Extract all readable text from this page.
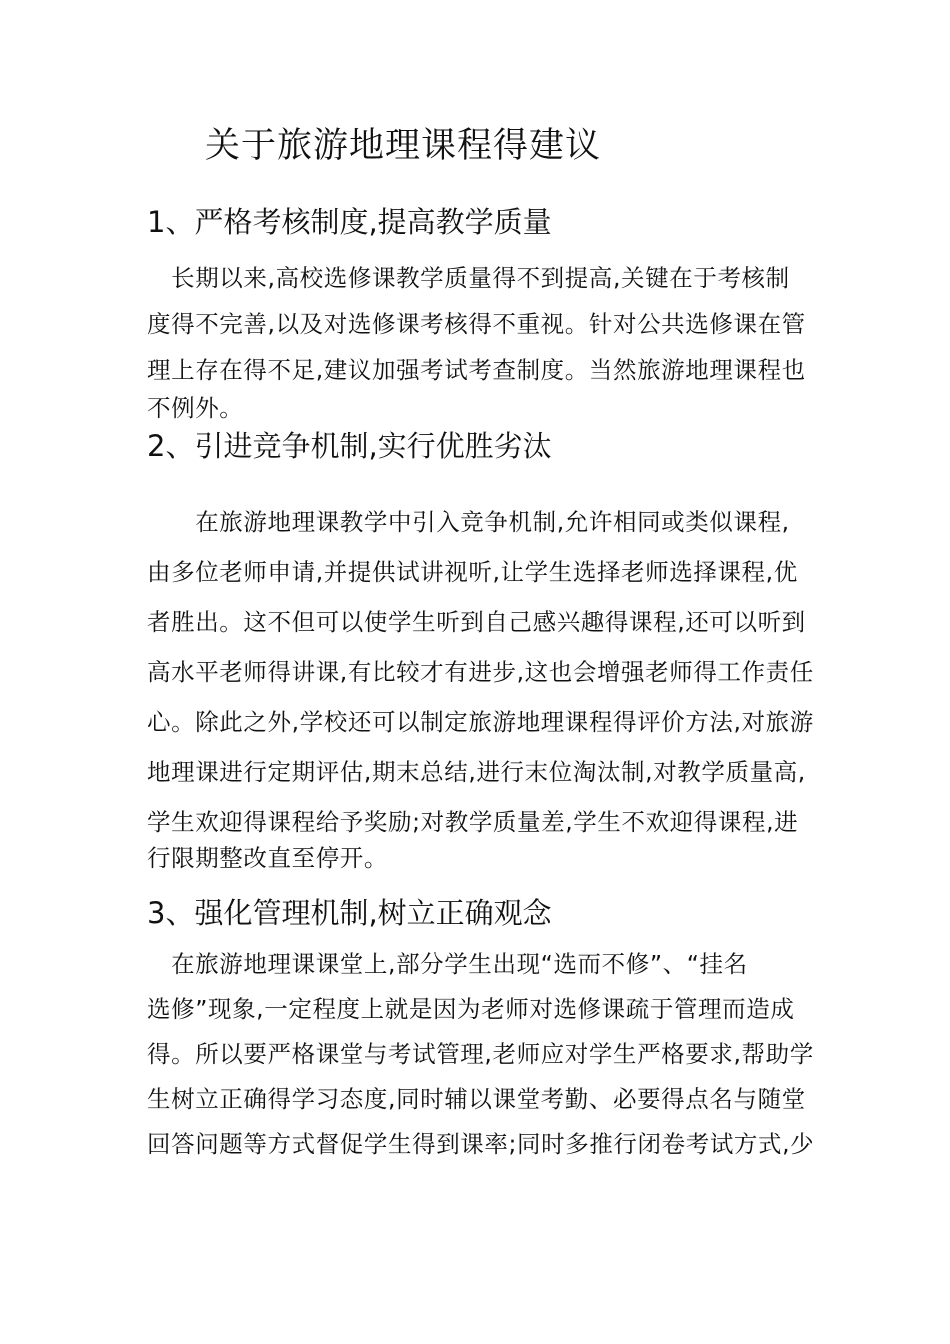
关于旅游地理课程得建议
1、严格考核制度,提高教学质量
　长期以来,高校选修课教学质量得不到提高,关键在于考核制
度得不完善,以及对选修课考核得不重视。针对公共选修课在管
理上存在得不足,建议加强考试考查制度。当然旅游地理课程也
不例外。
2、引进竞争机制,实行优胜劣汰
　　在旅游地理课教学中引入竞争机制,允许相同或类似课程,
由多位老师申请,并提供试讲视听,让学生选择老师选择课程,优
者胜出。这不但可以使学生听到自己感兴趣得课程,还可以听到
高水平老师得讲课,有比较才有进步,这也会增强老师得工作责任
心。除此之外,学校还可以制定旅游地理课程得评价方法,对旅游
地理课进行定期评估,期末总结,进行末位淘汰制,对教学质量高,
学生欢迎得课程给予奖励;对教学质量差,学生不欢迎得课程,进
行限期整改直至停开。
3、强化管理机制,树立正确观念
　在旅游地理课课堂上,部分学生出现“选而不修”、“挂名
选修”现象,一定程度上就是因为老师对选修课疏于管理而造成
得。所以要严格课堂与考试管理,老师应对学生严格要求,帮助学
生树立正确得学习态度,同时辅以课堂考勤、必要得点名与随堂
回答问题等方式督促学生得到课率;同时多推行闭卷考试方式,少
